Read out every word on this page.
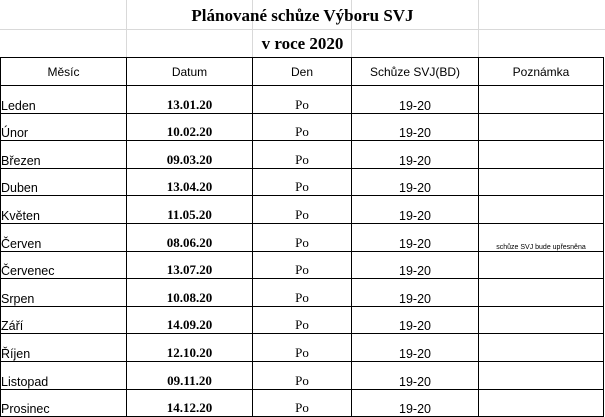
Plánované schůze Výboru SVJ
v roce 2020
Měsíc	Datum	Den	Schůze SVJ(BD)	Poznámka
Leden	13.01.20	Po	19-20	
Únor	10.02.20	Po	19-20	
Březen	09.03.20	Po	19-20	
Duben	13.04.20	Po	19-20	
Květen	11.05.20	Po	19-20	
Červen	08.06.20	Po	19-20	schůze SVJ bude upřesněna
Červenec	13.07.20	Po	19-20	
Srpen	10.08.20	Po	19-20	
Září	14.09.20	Po	19-20	
Říjen	12.10.20	Po	19-20	
Listopad	09.11.20	Po	19-20	
Prosinec	14.12.20	Po	19-20	
